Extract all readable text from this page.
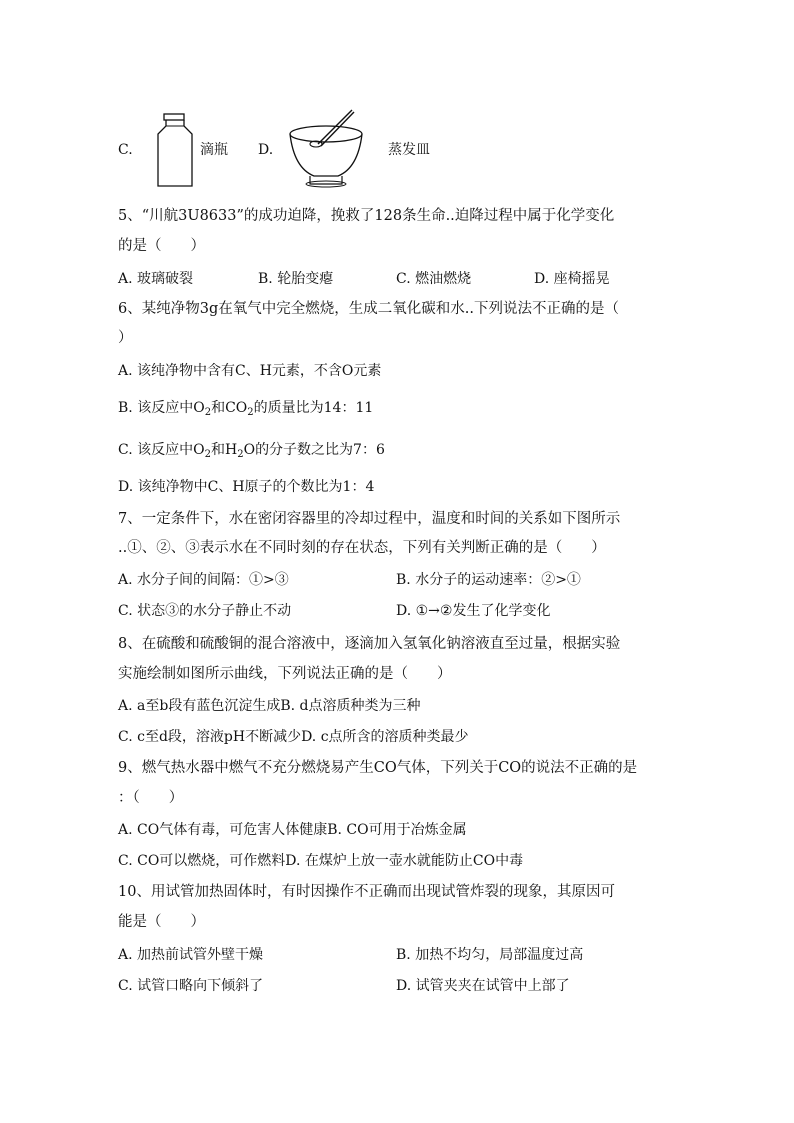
C.	滴瓶 D.	蒸发皿
5、“川航3U8633”的成功迫降，挽救了128条生命..迫降过程中属于化学变化
的是（　　）
A. 玻璃破裂	B. 轮胎变瘪	C. 燃油燃烧	D. 座椅摇晃
6、某纯净物3g在氧气中完全燃烧，生成二氧化碳和水..下列说法不正确的是（
）
A. 该纯净物中含有C、H元素，不含O元素
B. 该反应中$O_2$和$CO_2$的质量比为14：11
C. 该反应中$O_2$和$H_2O$的分子数之比为7：6
D. 该纯净物中C、H原子的个数比为1：4
7、一定条件下，水在密闭容器里的冷却过程中，温度和时间的关系如下图所示
..①、②、③表示水在不同时刻的存在状态，下列有关判断正确的是（　　）
A. 水分子间的间隔：①>③	B. 水分子的运动速率：②>①
C. 状态③的水分子静止不动	D. ①→②发生了化学变化
8、在硫酸和硫酸铜的混合溶液中，逐滴加入氢氧化钠溶液直至过量，根据实验
实施绘制如图所示曲线，下列说法正确的是（　　）
A. a至b段有蓝色沉淀生成B. d点溶质种类为三种
C. c至d段，溶液pH不断减少D. c点所含的溶质种类最少
9、燃气热水器中燃气不充分燃烧易产生CO气体，下列关于CO的说法不正确的是
：（　　）
A. CO气体有毒，可危害人体健康B. CO可用于冶炼金属
C. CO可以燃烧，可作燃料D. 在煤炉上放一壶水就能防止CO中毒
10、用试管加热固体时，有时因操作不正确而出现试管炸裂的现象，其原因可
能是（　　）
A. 加热前试管外壁干燥	B. 加热不均匀，局部温度过高
C. 试管口略向下倾斜了	D. 试管夹夹在试管中上部了
